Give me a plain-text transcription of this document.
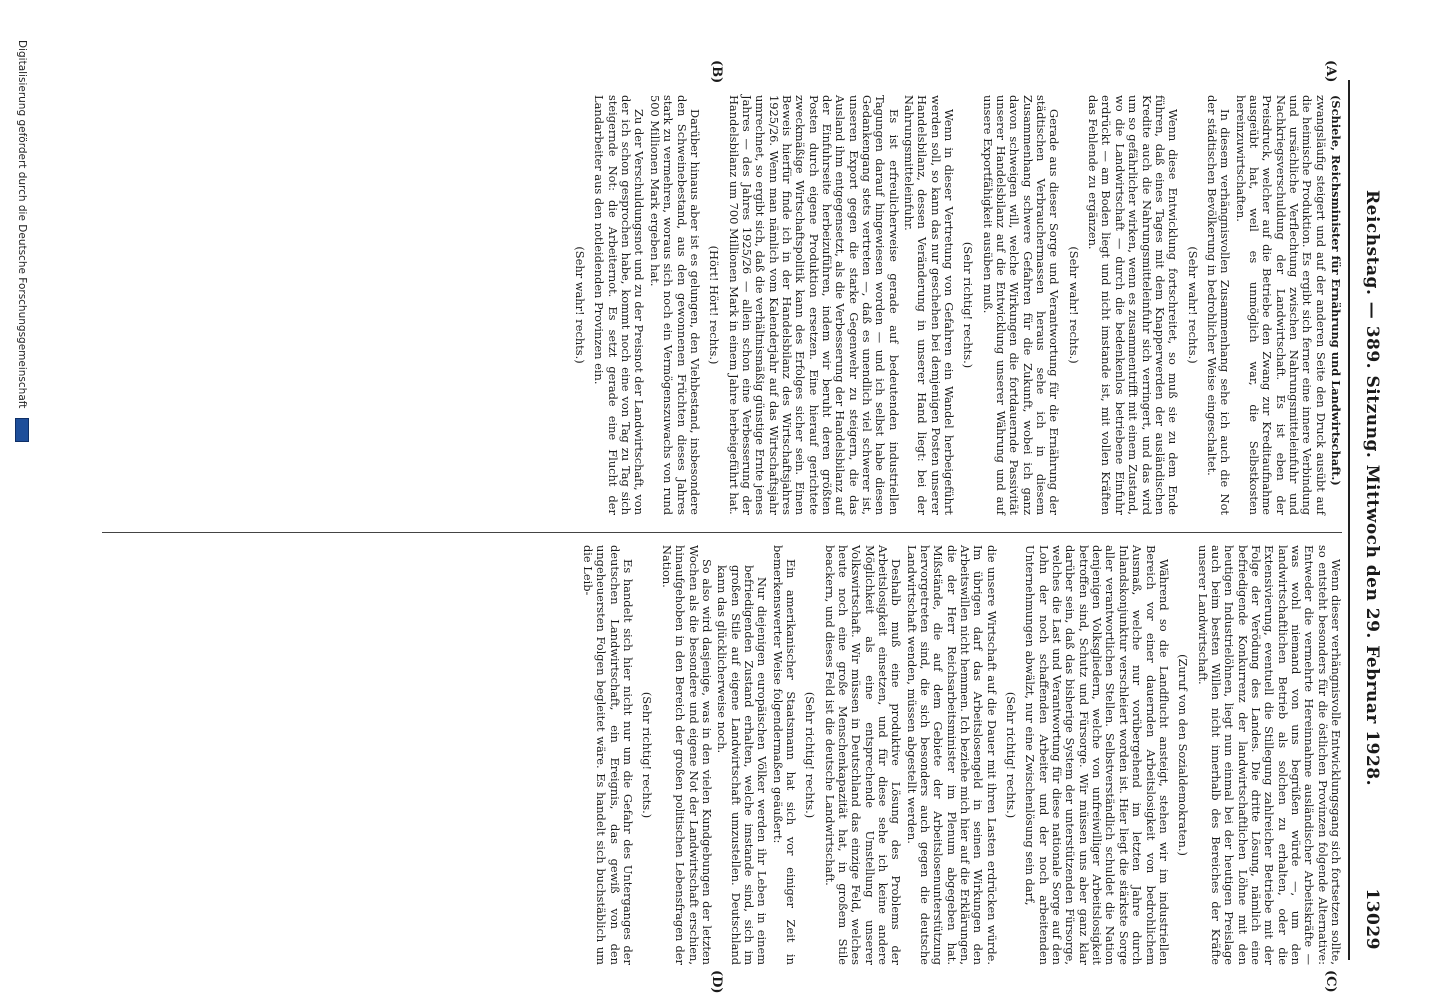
Reichstag. — 389. Sitzung. Mittwoch den 29. Februar 1928.
13029
(A)
(B)
(C)
(D)

(Schiele, Reichsminister für Ernährung und Landwirtschaft.)

zwangsläufig steigert und auf der anderen Seite den Druck ausübt auf die heimische Produktion. Es ergibt sich ferner eine innere Verbindung und ursächliche Verflechtung zwischen Nahrungsmitteleinfuhr und Nachkriegsverschuldung der Landwirtschaft. Es ist eben der Preisdruck, welcher auf die Betriebe den Zwang zur Kreditaufnahme ausgeübt hat, weil es unmöglich war, die Selbstkosten hereinzuwirtschaften.

In diesem verhängnisvollen Zusammenhang sehe ich auch die Not der städtischen Bevölkerung in bedrohlicher Weise eingeschaltet.

(Sehr wahr! rechts.)

Wenn diese Entwicklung fortschreitet, so muß sie zu dem Ende führen, daß eines Tages mit dem Knapperwerden der ausländischen Kredite auch die Nahrungsmitteleinfuhr sich verringert, und das wird um so gefährlicher wirken, wenn es zusammentrifft mit einem Zustand, wo die Landwirtschaft — durch die bedenkenlos betriebene Einfuhr erdrückt — am Boden liegt und nicht imstande ist, mit vollen Kräften das Fehlende zu ergänzen.

(Sehr wahr! rechts.)

Gerade aus dieser Sorge und Verantwortung für die Ernährung der städtischen Verbrauchermassen heraus sehe ich in diesem Zusammenhang schwere Gefahren für die Zukunft, wobei ich ganz davon schweigen will, welche Wirkungen die fortdauernde Passivität unserer Handelsbilanz auf die Entwicklung unserer Währung und auf unsere Exportfähigkeit ausüben muß.

(Sehr richtig! rechts.)

Wenn in dieser Vertretung von Gefahren ein Wandel herbeigeführt werden soll, so kann das nur geschehen bei demjenigen Posten unserer Handelsbilanz, dessen Veränderung in unserer Hand liegt: bei der Nahrungsmitteleinfuhr.

Es ist erfreulicherweise gerade auf bedeutenden industriellen Tagungen darauf hingewiesen worden — und ich selbst habe diesen Gedankengang stets vertreten —, daß es unendlich viel schwerer ist, unseren Export gegen die starke Gegenwehr zu steigern, die das Ausland ihm entgegensetzt, als die Verbesserung der Handelsbilanz auf der Einfuhrseite herbeizuführen, indem wir beruht deren größten Posten durch eigene Produktion ersetzen. Eine hierauf gerichtete zweckmäßige Wirtschaftspolitik kann des Erfolges sicher sein. Einen Beweis hierfür finde ich in der Handelsbilanz des Wirtschaftsjahres 1925/26. Wenn man nämlich vom Kalenderjahr auf das Wirtschaftsjahr umrechnet, so ergibt sich, daß die verhältnismäßig günstige Ernte jenes Jahres — des Jahres 1925/26 — allein schon eine Verbesserung der Handelsbilanz um 700 Millionen Mark in einem Jahre herbeigeführt hat.

(Hört! Hört! rechts.)

Darüber hinaus aber ist es gelungen, den Viehbestand, insbesondere den Schweinebestand, aus den gewonnenen Früchten dieses Jahres stark zu vermehren, woraus sich noch ein Vermögenszuwachs von rund 500 Millionen Mark ergeben hat.

Zu der Verschuldungsnot und zu der Preisnot der Landwirtschaft, von der ich schon gesprochen habe, kommt noch eine von Tag zu Tag sich steigernde Not: die Arbeiternot. Es setzt gerade eine Flucht der Landarbeiter aus den notleidenden Provinzen ein.

(Sehr wahr! rechts.)

Wenn dieser verhängnisvolle Entwicklungsgang sich fortsetzen sollte, so entsteht besonders für die östlichen Provinzen folgende Alternative: Entweder die vermehrte Hereinnahme ausländischer Arbeitskräfte — was wohl niemand von uns begrüßen würde —, um den landwirtschaftlichen Betrieb als solchen zu erhalten, oder die Extensivierung, eventuell die Stillegung zahlreicher Betriebe mit der Folge der Verödung des Landes. Die dritte Lösung, nämlich eine befriedigende Konkurrenz der landwirtschaftlichen Löhne mit den heutigen Industrielöhnen, liegt nun einmal bei der heutigen Preislage auch beim besten Willen nicht innerhalb des Bereiches der Kräfte unserer Landwirtschaft.

(Zuruf von den Sozialdemokraten.)

Während so die Landflucht ansteigt, stehen wir im industriellen Bereich vor einer dauernden Arbeitslosigkeit von bedrohlichem Ausmaß, welche nur vorübergehend im letzten Jahre durch Inlandskonjunktur verschleiert worden ist. Hier liegt die stärkste Sorge aller verantwortlichen Stellen. Selbstverständlich schuldet die Nation denjenigen Volksgliedern, welche von unfreiwilliger Arbeitslosigkeit betroffen sind, Schutz und Fürsorge. Wir müssen uns aber ganz klar darüber sein, daß das bisherige System der unterstützenden Fürsorge, welches die Last und Verantwortung für diese nationale Sorge auf den Lohn der noch schaffenden Arbeiter und der noch arbeitenden Unternehmungen abwälzt, nur eine Zwischenlösung sein darf,

(Sehr richtig! rechts.)

die unsere Wirtschaft auf die Dauer mit ihren Lasten erdrücken würde. Im übrigen darf das Arbeitslosengeld in seinen Wirkungen den Arbeitswillen nicht hemmen. Ich beziehe mich hier auf die Erklärungen, die der Herr Reichsarbeitsminister im Plenum abgegeben hat. Mißstände, die auf dem Gebiete der Arbeitslosenunterstützung hervorgetreten sind, die sich besonders auch gegen die deutsche Landwirtschaft wenden, müssen abgestellt werden.

Deshalb muß eine produktive Lösung des Problems der Arbeitslosigkeit einsetzen, und für diese sehe ich keine andere Möglichkeit als eine entsprechende Umstellung unserer Volkswirtschaft. Wir müssen in Deutschland das einzige Feld, welches heute noch eine große Menschenkapazität hat, in großem Stile beackern, und dieses Feld ist die deutsche Landwirtschaft.

(Sehr richtig! rechts.)

Ein amerikanischer Staatsmann hat sich vor einiger Zeit in bemerkenswerter Weise folgendermaßen geäußert:

Nur diejenigen europäischen Völker werden ihr Leben in einem befriedigenden Zustand erhalten, welche imstande sind, sich im großen Stile auf eigene Landwirtschaft umzustellen. Deutschland kann das glücklicherweise noch.

So also wird dasjenige, was in den vielen Kundgebungen der letzten Wochen als die besondere und eigene Not der Landwirtschaft erschien, hinaufgehoben in den Bereich der großen politischen Lebensfragen der Nation.

(Sehr richtig! rechts.)

Es handelt sich hier nicht nur um die Gefahr des Unterganges der deutschen Landwirtschaft, ein Ereignis, das gewiß von den ungeheuersten Folgen begleitet wäre. Es handelt sich buchstäblich um die Leib-

Digitalisierung gefördert durch die Deutsche Forschungsgemeinschaft
